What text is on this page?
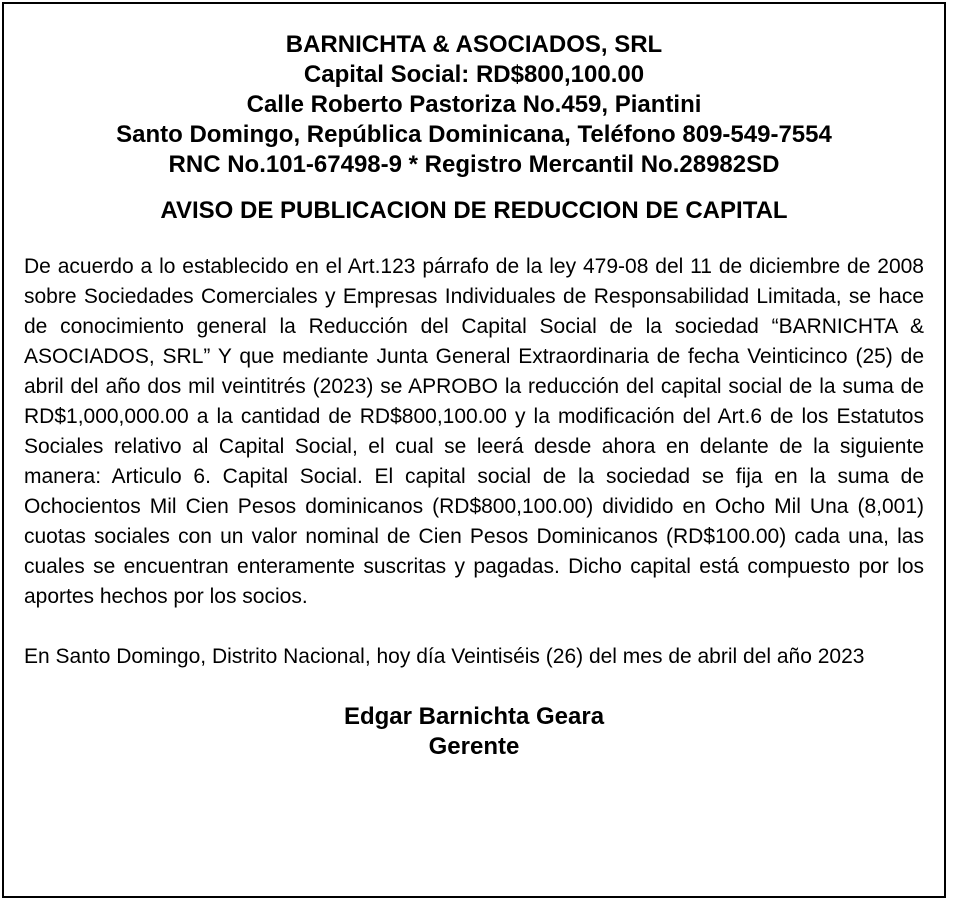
BARNICHTA & ASOCIADOS, SRL
Capital Social: RD$800,100.00
Calle Roberto Pastoriza No.459, Piantini
Santo Domingo, República Dominicana, Teléfono 809-549-7554
RNC No.101-67498-9 * Registro Mercantil No.28982SD
AVISO DE PUBLICACION DE REDUCCION DE CAPITAL

De acuerdo a lo establecido en el Art.123 párrafo de la ley 479-08 del 11 de diciembre de 2008 sobre Sociedades Comerciales y Empresas Individuales de Responsabilidad Limitada, se hace de conocimiento general la Reducción del Capital Social de la sociedad “BARNICHTA & ASOCIADOS, SRL” Y que mediante Junta General Extraordinaria de fecha Veinticinco (25) de abril del año dos mil veintitrés (2023) se APROBO la reducción del capital social de la suma de RD$1,000,000.00 a la cantidad de RD$800,100.00 y la modificación del Art.6 de los Estatutos Sociales relativo al Capital Social, el cual se leerá desde ahora en delante de la siguiente manera: Articulo 6. Capital Social. El capital social de la sociedad se fija en la suma de Ochocientos Mil Cien Pesos dominicanos (RD$800,100.00) dividido en Ocho Mil Una (8,001) cuotas sociales con un valor nominal de Cien Pesos Dominicanos (RD$100.00) cada una, las cuales se encuentran enteramente suscritas y pagadas. Dicho capital está compuesto por los aportes hechos por los socios.

En Santo Domingo, Distrito Nacional, hoy día Veintiséis (26) del mes de abril del año 2023

Edgar Barnichta Geara
Gerente
